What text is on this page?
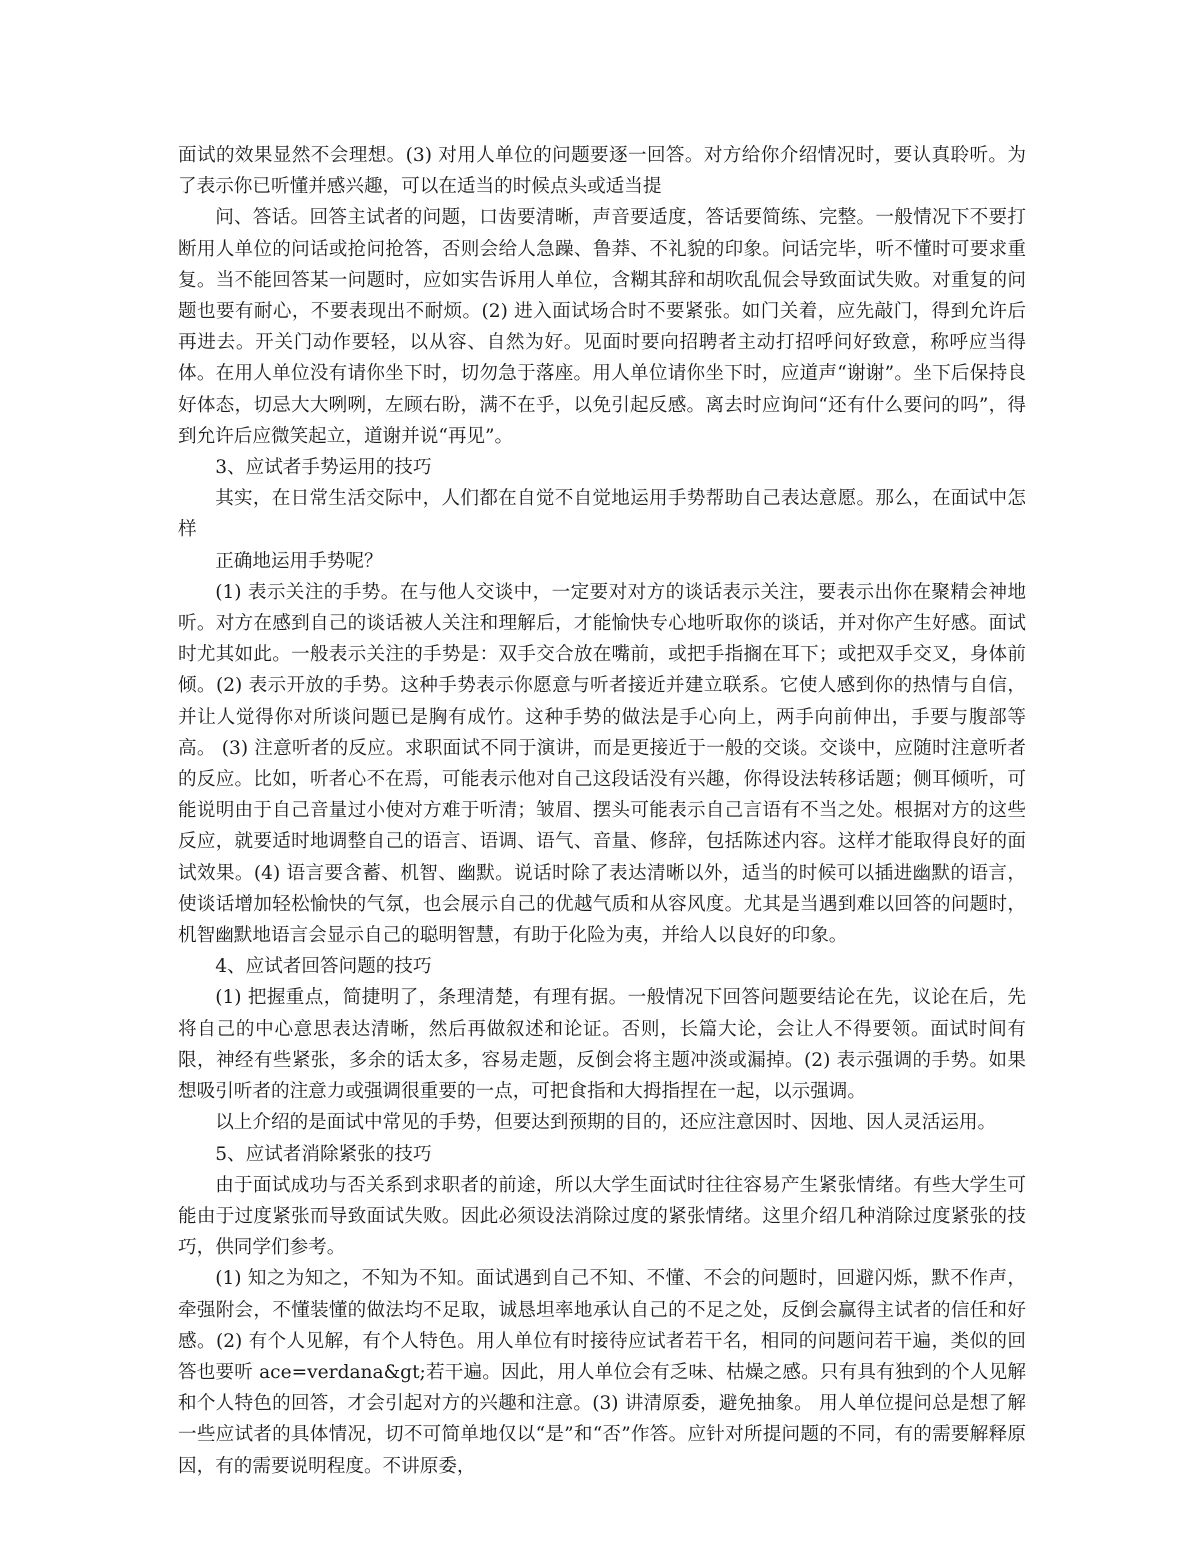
面试的效果显然不会理想。(3) 对用人单位的问题要逐一回答。对方给你介绍情况时，要认真聆听。为了表示你已听懂并感兴趣，可以在适当的时候点头或适当提

问、答话。回答主试者的问题，口齿要清晰，声音要适度，答话要简练、完整。一般情况下不要打断用人单位的问话或抢问抢答，否则会给人急躁、鲁莽、不礼貌的印象。问话完毕，听不懂时可要求重复。当不能回答某一问题时，应如实告诉用人单位，含糊其辞和胡吹乱侃会导致面试失败。对重复的问题也要有耐心，不要表现出不耐烦。(2) 进入面试场合时不要紧张。如门关着，应先敲门，得到允许后再进去。开关门动作要轻，以从容、自然为好。见面时要向招聘者主动打招呼问好致意，称呼应当得体。在用人单位没有请你坐下时，切勿急于落座。用人单位请你坐下时，应道声“谢谢”。坐下后保持良好体态，切忌大大咧咧，左顾右盼，满不在乎，以免引起反感。离去时应询问“还有什么要问的吗”，得到允许后应微笑起立，道谢并说“再见”。

3、应试者手势运用的技巧

其实，在日常生活交际中，人们都在自觉不自觉地运用手势帮助自己表达意愿。那么，在面试中怎样

正确地运用手势呢？

(1) 表示关注的手势。在与他人交谈中，一定要对对方的谈话表示关注，要表示出你在聚精会神地听。对方在感到自己的谈话被人关注和理解后，才能愉快专心地听取你的谈话，并对你产生好感。面试时尤其如此。一般表示关注的手势是：双手交合放在嘴前，或把手指搁在耳下；或把双手交叉，身体前倾。(2) 表示开放的手势。这种手势表示你愿意与听者接近并建立联系。它使人感到你的热情与自信，并让人觉得你对所谈问题已是胸有成竹。这种手势的做法是手心向上，两手向前伸出，手要与腹部等高。 (3) 注意听者的反应。求职面试不同于演讲，而是更接近于一般的交谈。交谈中，应随时注意听者的反应。比如，听者心不在焉，可能表示他对自己这段话没有兴趣，你得设法转移话题；侧耳倾听，可能说明由于自己音量过小使对方难于听清；皱眉、摆头可能表示自己言语有不当之处。根据对方的这些反应，就要适时地调整自己的语言、语调、语气、音量、修辞，包括陈述内容。这样才能取得良好的面试效果。(4) 语言要含蓄、机智、幽默。说话时除了表达清晰以外，适当的时候可以插进幽默的语言，使谈话增加轻松愉快的气氛，也会展示自己的优越气质和从容风度。尤其是当遇到难以回答的问题时，机智幽默地语言会显示自己的聪明智慧，有助于化险为夷，并给人以良好的印象。

4、应试者回答问题的技巧

(1) 把握重点，简捷明了，条理清楚，有理有据。一般情况下回答问题要结论在先，议论在后，先将自己的中心意思表达清晰，然后再做叙述和论证。否则，长篇大论，会让人不得要领。面试时间有限，神经有些紧张，多余的话太多，容易走题，反倒会将主题冲淡或漏掉。(2) 表示强调的手势。如果想吸引听者的注意力或强调很重要的一点，可把食指和大拇指捏在一起，以示强调。

以上介绍的是面试中常见的手势，但要达到预期的目的，还应注意因时、因地、因人灵活运用。

5、应试者消除紧张的技巧

由于面试成功与否关系到求职者的前途，所以大学生面试时往往容易产生紧张情绪。有些大学生可能由于过度紧张而导致面试失败。因此必须设法消除过度的紧张情绪。这里介绍几种消除过度紧张的技巧，供同学们参考。

(1) 知之为知之，不知为不知。面试遇到自己不知、不懂、不会的问题时，回避闪烁，默不作声，牵强附会，不懂装懂的做法均不足取，诚恳坦率地承认自己的不足之处，反倒会赢得主试者的信任和好感。(2) 有个人见解，有个人特色。用人单位有时接待应试者若干名，相同的问题问若干遍，类似的回答也要听 ace=verdana&gt;若干遍。因此，用人单位会有乏味、枯燥之感。只有具有独到的个人见解和个人特色的回答，才会引起对方的兴趣和注意。(3) 讲清原委，避免抽象。 用人单位提问总是想了解一些应试者的具体情况，切不可简单地仅以“是”和“否”作答。应针对所提问题的不同，有的需要解释原因，有的需要说明程度。不讲原委，
